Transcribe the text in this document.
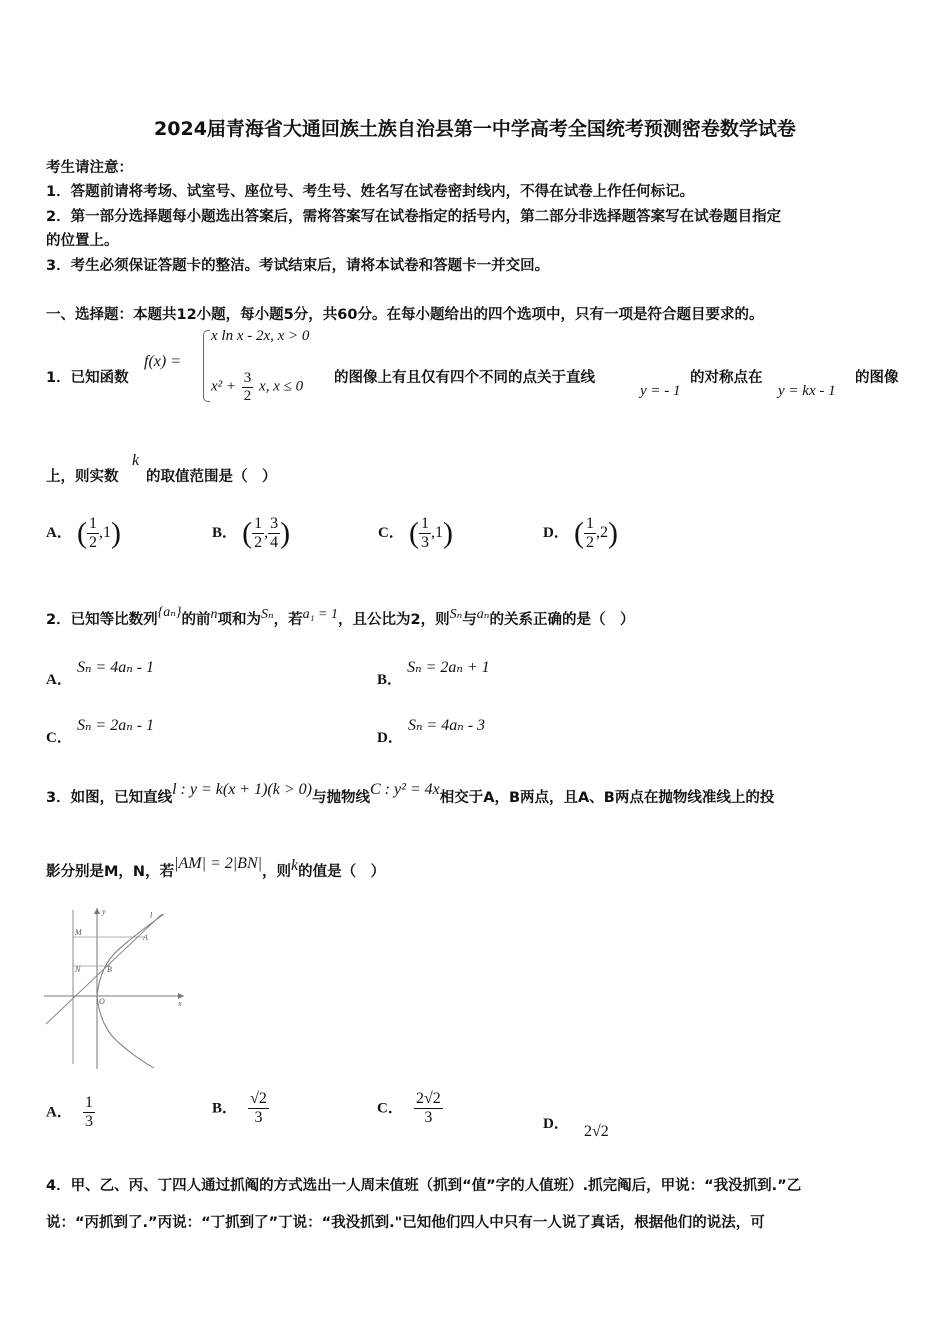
2024届青海省大通回族土族自治县第一中学高考全国统考预测密卷数学试卷
考生请注意：
1．答题前请将考场、试室号、座位号、考生号、姓名写在试卷密封线内，不得在试卷上作任何标记。
2．第一部分选择题每小题选出答案后，需将答案写在试卷指定的括号内，第二部分非选择题答案写在试卷题目指定
的位置上。
3．考生必须保证答题卡的整洁。考试结束后，请将本试卷和答题卡一并交回。
一、选择题：本题共12小题，每小题5分，共60分。在每小题给出的四个选项中，只有一项是符合题目要求的。
1．已知函数
f(x) =
x ln x - 2x, x > 0
$x^2 + \frac{3}{2} x$, x ≤ 0
的图像上有且仅有四个不同的点关于直线
y = - 1
的对称点在
y = kx - 1
的图像
上，则实数
k
的取值范围是（　）
A． ( $\frac{1}{2} ,1$)	B． ( $\frac{1}{2}$ , $\frac{3}{4}$ )	C． ( $\frac{1}{3} ,1$)	D． ( $\frac{1}{2} ,2$)
2．已知等比数列{aₙ}的前n项和为Sₙ，若a₁ = 1，且公比为2，则Sₙ与aₙ的关系正确的是（　）
A． Sₙ = 4aₙ - 1
B． Sₙ = 2aₙ + 1
C． Sₙ = 2aₙ - 1
D． Sₙ = 4aₙ - 3
3．如图，已知直线l : y = k(x + 1)(k > 0)与抛物线C : y² = 4x相交于A，B两点，且A、B两点在抛物线准线上的投
影分别是M，N，若|AM| = 2|BN|，则k的值是（　）
y
x
O
M
N
A
B
l
A． $\frac{1}{3}$	B． $\frac{√2}{3}$	C． $\frac{2√2}{3}$	D． 2√2
4．甲、乙、丙、丁四人通过抓阄的方式选出一人周末值班（抓到“值”字的人值班）.抓完阄后，甲说：“我没抓到.”乙
说：“丙抓到了.”丙说：“丁抓到了”丁说：“我没抓到."已知他们四人中只有一人说了真话，根据他们的说法，可
